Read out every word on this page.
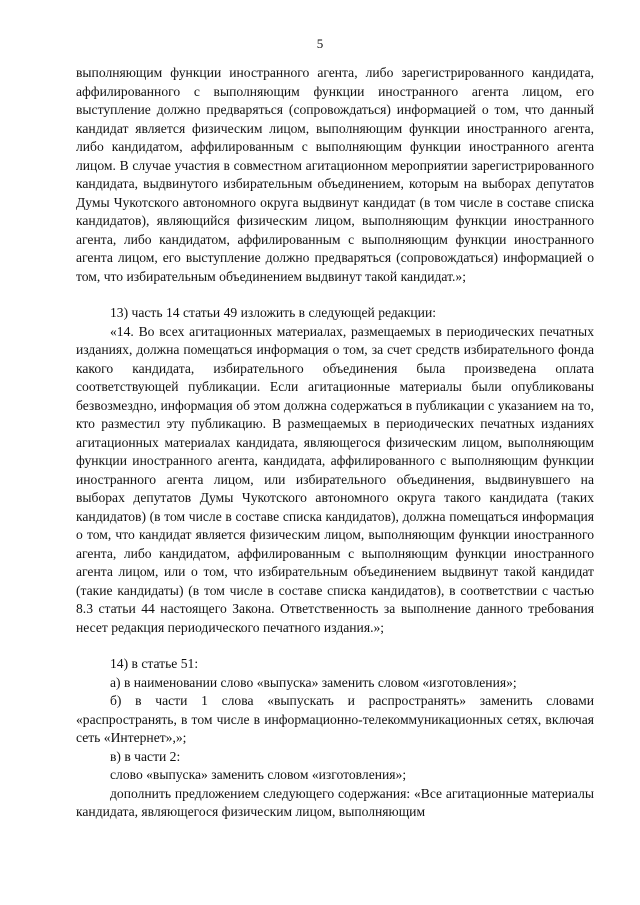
5

выполняющим функции иностранного агента, либо зарегистрированного кандидата, аффилированного с выполняющим функции иностранного агента лицом, его выступление должно предваряться (сопровождаться) информацией о том, что данный кандидат является физическим лицом, выполняющим функции иностранного агента, либо кандидатом, аффилированным с выполняющим функции иностранного агента лицом. В случае участия в совместном агитационном мероприятии зарегистрированного кандидата, выдвинутого избирательным объединением, которым на выборах депутатов Думы Чукотского автономного округа выдвинут кандидат (в том числе в составе списка кандидатов), являющийся физическим лицом, выполняющим функции иностранного агента, либо кандидатом, аффилированным с выполняющим функции иностранного агента лицом, его выступление должно предваряться (сопровождаться) информацией о том, что избирательным объединением выдвинут такой кандидат.»;

13) часть 14 статьи 49 изложить в следующей редакции:

«14. Во всех агитационных материалах, размещаемых в периодических печатных изданиях, должна помещаться информация о том, за счет средств избирательного фонда какого кандидата, избирательного объединения была произведена оплата соответствующей публикации. Если агитационные материалы были опубликованы безвозмездно, информация об этом должна содержаться в публикации с указанием на то, кто разместил эту публикацию. В размещаемых в периодических печатных изданиях агитационных материалах кандидата, являющегося физическим лицом, выполняющим функции иностранного агента, кандидата, аффилированного с выполняющим функции иностранного агента лицом, или избирательного объединения, выдвинувшего на выборах депутатов Думы Чукотского автономного округа такого кандидата (таких кандидатов) (в том числе в составе списка кандидатов), должна помещаться информация о том, что кандидат является физическим лицом, выполняющим функции иностранного агента, либо кандидатом, аффилированным с выполняющим функции иностранного агента лицом, или о том, что избирательным объединением выдвинут такой кандидат (такие кандидаты) (в том числе в составе списка кандидатов), в соответствии с частью 8.3 статьи 44 настоящего Закона. Ответственность за выполнение данного требования несет редакция периодического печатного издания.»;

14) в статье 51:

а) в наименовании слово «выпуска» заменить словом «изготовления»;

б) в части 1 слова «выпускать и распространять» заменить словами «распространять, в том числе в информационно-телекоммуникационных сетях, включая сеть «Интернет»,»;

в) в части 2:

слово «выпуска» заменить словом «изготовления»;

дополнить предложением следующего содержания: «Все агитационные материалы кандидата, являющегося физическим лицом, выполняющим
